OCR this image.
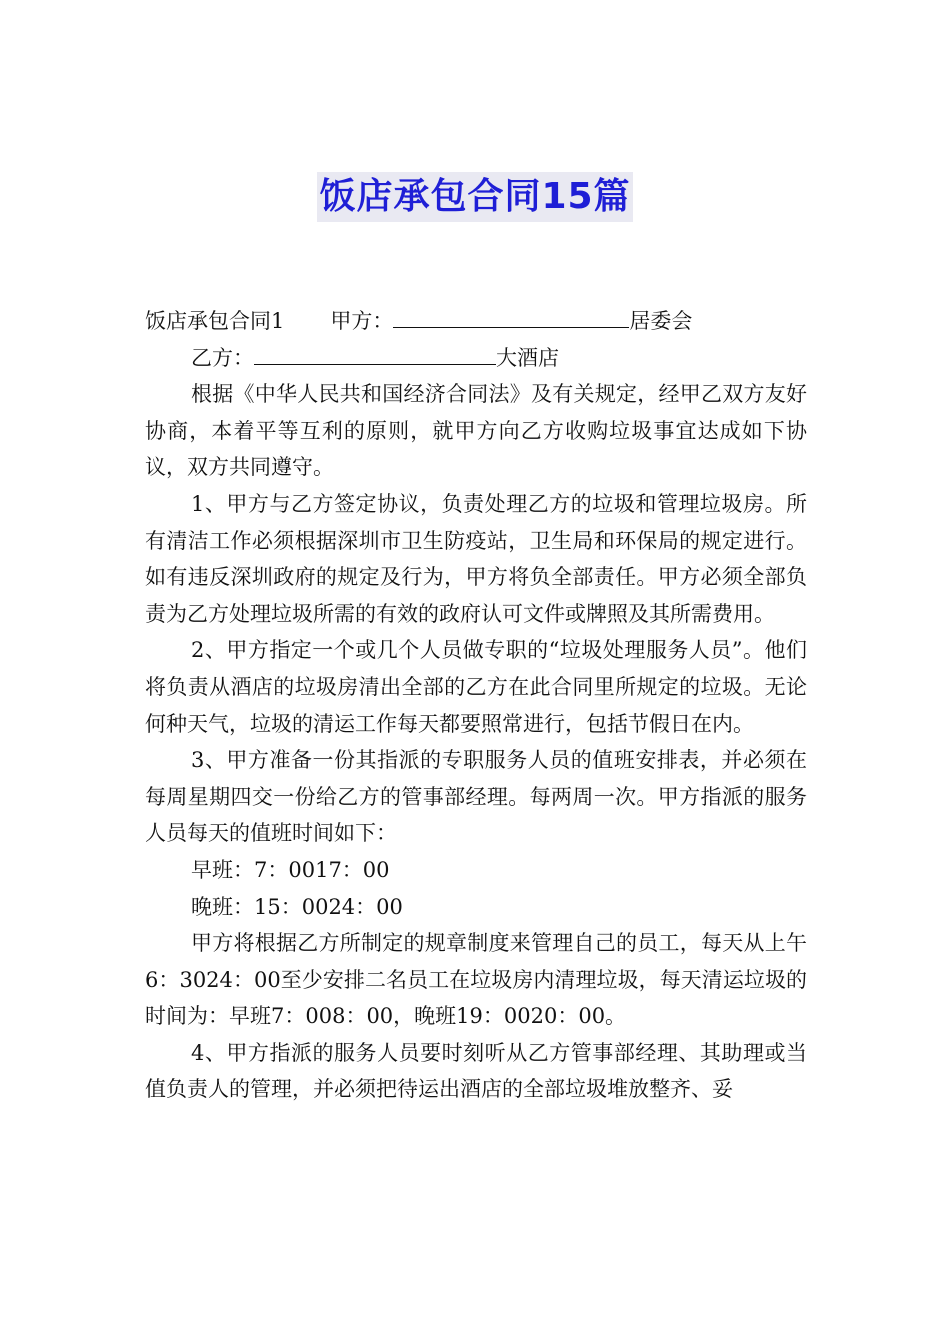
饭店承包合同15篇

饭店承包合同1 甲方：	居委会

乙方：	大酒店

根据《中华人民共和国经济合同法》及有关规定，经甲乙双方友好协商，本着平等互利的原则，就甲方向乙方收购垃圾事宜达成如下协议，双方共同遵守。

1、甲方与乙方签定协议，负责处理乙方的垃圾和管理垃圾房。所有清洁工作必须根据深圳市卫生防疫站，卫生局和环保局的规定进行。如有违反深圳政府的规定及行为，甲方将负全部责任。甲方必须全部负责为乙方处理垃圾所需的有效的政府认可文件或牌照及其所需费用。

2、甲方指定一个或几个人员做专职的“垃圾处理服务人员”。他们将负责从酒店的垃圾房清出全部的乙方在此合同里所规定的垃圾。无论何种天气，垃圾的清运工作每天都要照常进行，包括节假日在内。

3、甲方准备一份其指派的专职服务人员的值班安排表，并必须在每周星期四交一份给乙方的管事部经理。每两周一次。甲方指派的服务人员每天的值班时间如下：

早班：7：0017：00

晚班：15：0024：00

甲方将根据乙方所制定的规章制度来管理自己的员工，每天从上午6：3024：00至少安排二名员工在垃圾房内清理垃圾，每天清运垃圾的时间为：早班7：008：00，晚班19：0020：00。

4、甲方指派的服务人员要时刻听从乙方管事部经理、其助理或当值负责人的管理，并必须把待运出酒店的全部垃圾堆放整齐、妥
